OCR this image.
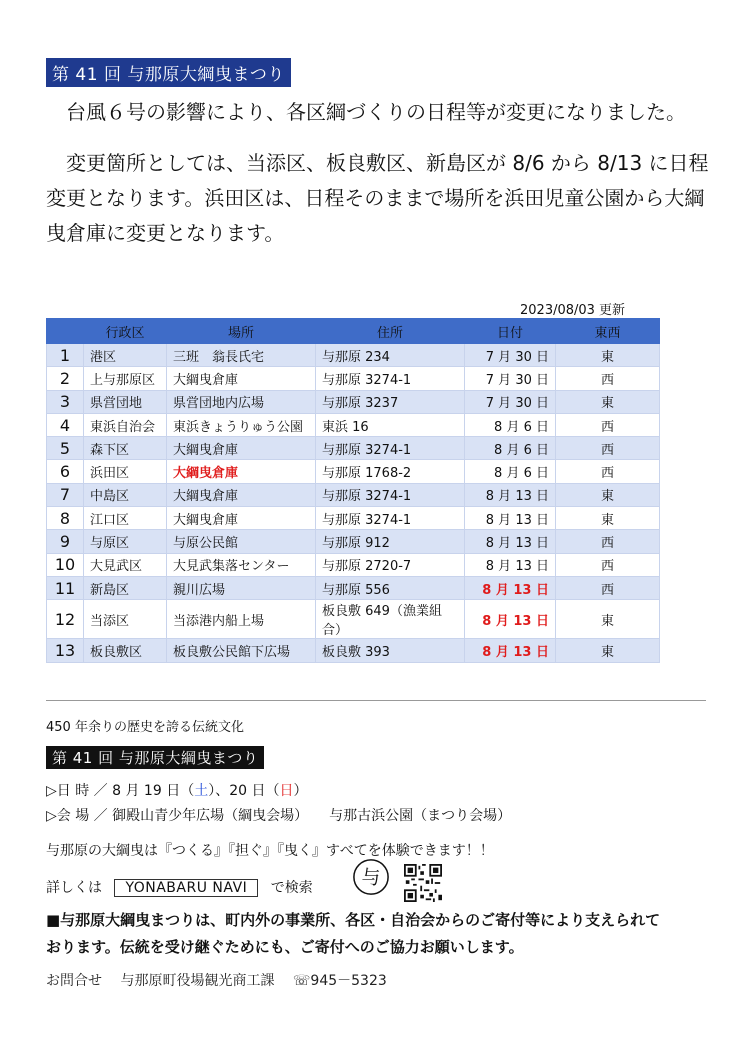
第 41 回 与那原大綱曳まつり
台風６号の影響により、各区綱づくりの日程等が変更になりました。
変更箇所としては、当添区、板良敷区、新島区が 8/6 から 8/13 に日程変更となります。浜田区は、日程そのままで場所を浜田児童公園から大綱曳倉庫に変更となります。
2023/08/03 更新
	行政区	場所	住所	日付	東西
1	港区	三班　翁長氏宅	与那原 234	7 月 30 日	東
2	上与那原区	大綱曳倉庫	与那原 3274-1	7 月 30 日	西
3	県営団地	県営団地内広場	与那原 3237	7 月 30 日	東
4	東浜自治会	東浜きょうりゅう公園	東浜 16	8 月 6 日	西
5	森下区	大綱曳倉庫	与那原 3274-1	8 月 6 日	西
6	浜田区	大綱曳倉庫	与那原 1768-2	8 月 6 日	西
7	中島区	大綱曳倉庫	与那原 3274-1	8 月 13 日	東
8	江口区	大綱曳倉庫	与那原 3274-1	8 月 13 日	東
9	与原区	与原公民館	与那原 912	8 月 13 日	西
10	大見武区	大見武集落センター	与那原 2720-7	8 月 13 日	西
11	新島区	親川広場	与那原 556	8 月 13 日	西
12	当添区	当添港内船上場	板良敷 649（漁業組合）	8 月 13 日	東
13	板良敷区	板良敷公民館下広場	板良敷 393	8 月 13 日	東
450 年余りの歴史を誇る伝統文化
第 41 回 与那原大綱曳まつり
▷日 時 ／ 8 月 19 日（土）、20 日（日）
▷会 場 ／ 御殿山青少年広場（綱曳会場）　　与那古浜公園（まつり会場）
与那原の大綱曳は『つくる』『担ぐ』『曳く』すべてを体験できます！！
詳しくは YONABARU NAVI で検索 与
■与那原大綱曳まつりは、町内外の事業所、各区・自治会からのご寄付等により支えられて
おります。伝統を受け継ぐためにも、ご寄付へのご協力お願いします。
お問合せ 与那原町役場観光商工課 ☏945－5323
